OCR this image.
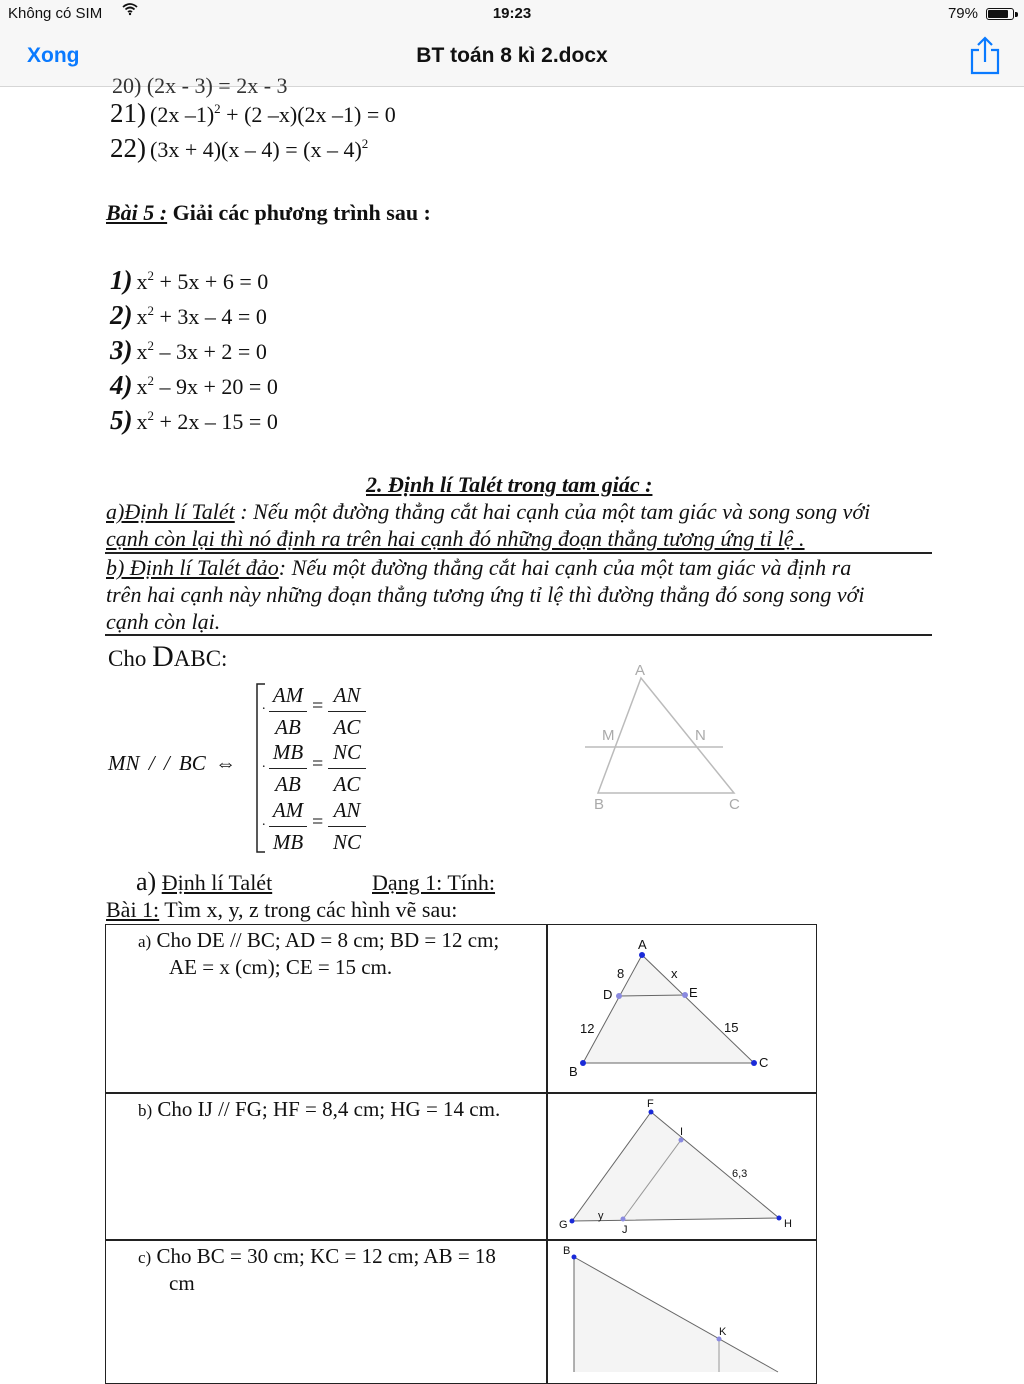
Không có SIM	19:23	79%
Xong	BT toán 8 kì 2.docx
20) (2x - 3) = 2x - 3
21) (2x –1)$^2$ + (2 –x)(2x –1) = 0
22) (3x + 4)(x – 4) = (x – 4)$^2$
Bài 5 : Giải các phương trình sau :
1) $x^2 + 5x + 6 = 0$
2) $x^2 + 3x - 4 = 0$
3) $x^2 - 3x + 2 = 0$
4) $x^2 - 9x + 20 = 0$
5) $x^2 + 2x - 15 = 0$
2. Định lí Talét trong tam giác :
a)Định lí Talét : Nếu một đường thẳng cắt hai cạnh của một tam giác và song song với
cạnh còn lại thì nó định ra trên hai cạnh đó những đoạn thẳng tương ứng tỉ lệ .
b) Định lí Talét đảo: Nếu một đường thẳng cắt hai cạnh của một tam giác và định ra
trên hai cạnh này những đoạn thẳng tương ứng tỉ lệ thì đường thẳng đó song song với
cạnh còn lại.
Cho DABC:
MN / / BC ⇔
. AM
AB
= AN
AC
. MB
AB
= NC
AC
. AM
MB
= AN
NC
A
M	N
B	C
a) Định lí Talét	Dạng 1: Tính:
Bài 1: Tìm x, y, z trong các hình vẽ sau:
a) Cho DE // BC; AD = 8 cm; BD = 12 cm;
AE = x (cm); CE = 15 cm.
b) Cho IJ // FG; HF = 8,4 cm; HG = 14 cm.
c) Cho BC = 30 cm; KC = 12 cm; AB = 18
cm
A
D	E
B
C
8	x
12	15
F
I
G	J	H
y
6,3
B
K
